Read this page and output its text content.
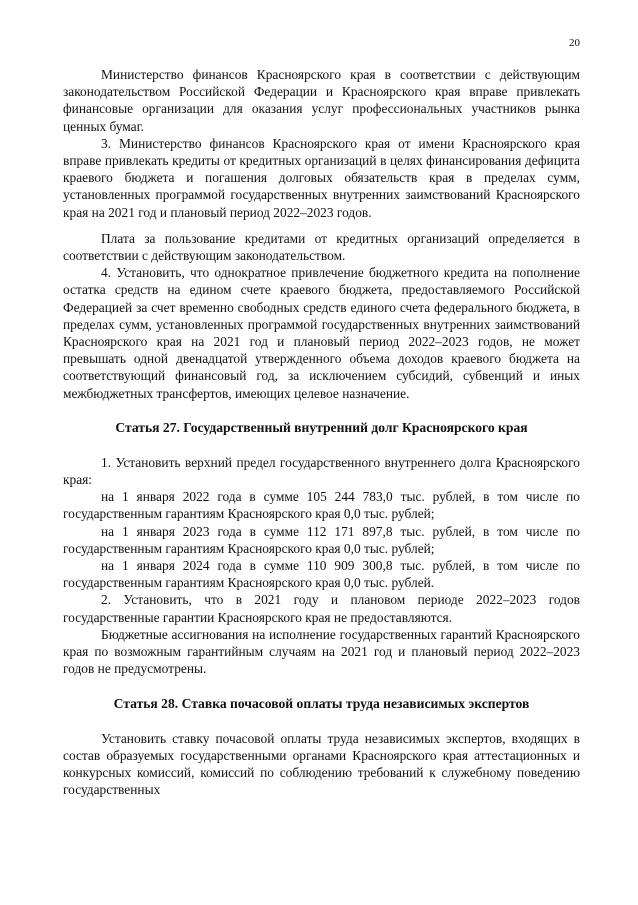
20

Министерство финансов Красноярского края в соответствии с действующим законодательством Российской Федерации и Красноярского края вправе привлекать финансовые организации для оказания услуг профессиональных участников рынка ценных бумаг.

3. Министерство финансов Красноярского края от имени Красноярского края вправе привлекать кредиты от кредитных организаций в целях финансирования дефицита краевого бюджета и погашения долговых обязательств края в пределах сумм, установленных программой государственных внутренних заимствований Красноярского края на 2021 год и плановый период 2022–2023 годов.

Плата за пользование кредитами от кредитных организаций определяется в соответствии с действующим законодательством.

4. Установить, что однократное привлечение бюджетного кредита на пополнение остатка средств на едином счете краевого бюджета, предоставляемого Российской Федерацией за счет временно свободных средств единого счета федерального бюджета, в пределах сумм, установленных программой государственных внутренних заимствований Красноярского края на 2021 год и плановый период 2022–2023 годов, не может превышать одной двенадцатой утвержденного объема доходов краевого бюджета на соответствующий финансовый год, за исключением субсидий, субвенций и иных межбюджетных трансфертов, имеющих целевое назначение.

Статья 27. Государственный внутренний долг Красноярского края

1. Установить верхний предел государственного внутреннего долга Красноярского края:

на 1 января 2022 года в сумме 105 244 783,0 тыс. рублей, в том числе по государственным гарантиям Красноярского края 0,0 тыс. рублей;

на 1 января 2023 года в сумме 112 171 897,8 тыс. рублей, в том числе по государственным гарантиям Красноярского края 0,0 тыс. рублей;

на 1 января 2024 года в сумме 110 909 300,8 тыс. рублей, в том числе по государственным гарантиям Красноярского края 0,0 тыс. рублей.

2. Установить, что в 2021 году и плановом периоде 2022–2023 годов государственные гарантии Красноярского края не предоставляются.

Бюджетные ассигнования на исполнение государственных гарантий Красноярского края по возможным гарантийным случаям на 2021 год и плановый период 2022–2023 годов не предусмотрены.

Статья 28. Ставка почасовой оплаты труда независимых экспертов

Установить ставку почасовой оплаты труда независимых экспертов, входящих в состав образуемых государственными органами Красноярского края аттестационных и конкурсных комиссий, комиссий по соблюдению требований к служебному поведению государственных
